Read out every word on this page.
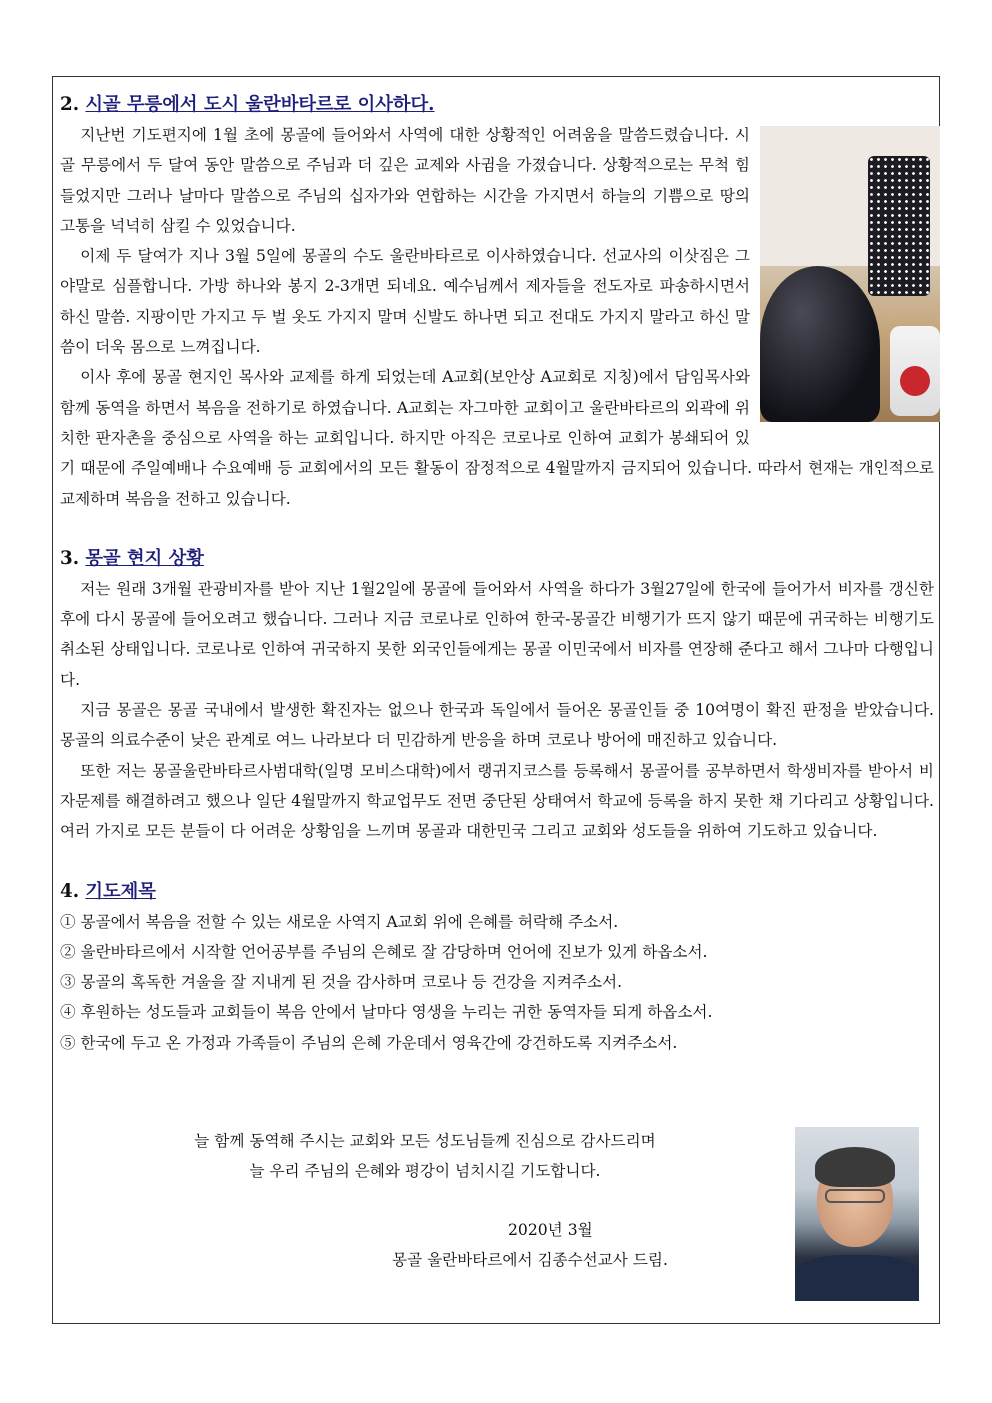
2. 시골 무릉에서 도시 울란바타르로 이사하다.

지난번 기도편지에 1월 초에 몽골에 들어와서 사역에 대한 상황적인 어려움을 말씀드렸습니다. 시골 무릉에서 두 달여 동안 말씀으로 주님과 더 깊은 교제와 사귐을 가졌습니다. 상황적으로는 무척 힘들었지만 그러나 날마다 말씀으로 주님의 십자가와 연합하는 시간을 가지면서 하늘의 기쁨으로 땅의 고통을 넉넉히 삼킬 수 있었습니다.

이제 두 달여가 지나 3월 5일에 몽골의 수도 울란바타르로 이사하였습니다. 선교사의 이삿짐은 그야말로 심플합니다. 가방 하나와 봉지 2-3개면 되네요. 예수님께서 제자들을 전도자로 파송하시면서 하신 말씀. 지팡이만 가지고 두 벌 옷도 가지지 말며 신발도 하나면 되고 전대도 가지지 말라고 하신 말씀이 더욱 몸으로 느껴집니다.

이사 후에 몽골 현지인 목사와 교제를 하게 되었는데 A교회(보안상 A교회로 지칭)에서 담임목사와 함께 동역을 하면서 복음을 전하기로 하였습니다. A교회는 자그마한 교회이고 울란바타르의 외곽에 위치한 판자촌을 중심으로 사역을 하는 교회입니다. 하지만 아직은 코로나로 인하여 교회가 봉쇄되어 있기 때문에 주일예배나 수요예배 등 교회에서의 모든 활동이 잠정적으로 4월말까지 금지되어 있습니다. 따라서 현재는 개인적으로 교제하며 복음을 전하고 있습니다.

3. 몽골 현지 상황

저는 원래 3개월 관광비자를 받아 지난 1월2일에 몽골에 들어와서 사역을 하다가 3월27일에 한국에 들어가서 비자를 갱신한 후에 다시 몽골에 들어오려고 했습니다. 그러나 지금 코로나로 인하여 한국-몽골간 비행기가 뜨지 않기 때문에 귀국하는 비행기도 취소된 상태입니다. 코로나로 인하여 귀국하지 못한 외국인들에게는 몽골 이민국에서 비자를 연장해 준다고 해서 그나마 다행입니다.

지금 몽골은 몽골 국내에서 발생한 확진자는 없으나 한국과 독일에서 들어온 몽골인들 중 10여명이 확진 판정을 받았습니다. 몽골의 의료수준이 낮은 관계로 여느 나라보다 더 민감하게 반응을 하며 코로나 방어에 매진하고 있습니다.

또한 저는 몽골울란바타르사범대학(일명 모비스대학)에서 랭귀지코스를 등록해서 몽골어를 공부하면서 학생비자를 받아서 비자문제를 해결하려고 했으나 일단 4월말까지 학교업무도 전면 중단된 상태여서 학교에 등록을 하지 못한 채 기다리고 상황입니다. 여러 가지로 모든 분들이 다 어려운 상황임을 느끼며 몽골과 대한민국 그리고 교회와 성도들을 위하여 기도하고 있습니다.

4. 기도제목
① 몽골에서 복음을 전할 수 있는 새로운 사역지 A교회 위에 은혜를 허락해 주소서.
② 울란바타르에서 시작할 언어공부를 주님의 은혜로 잘 감당하며 언어에 진보가 있게 하옵소서.
③ 몽골의 혹독한 겨울을 잘 지내게 된 것을 감사하며 코로나 등 건강을 지켜주소서.
④ 후원하는 성도들과 교회들이 복음 안에서 날마다 영생을 누리는 귀한 동역자들 되게 하옵소서.
⑤ 한국에 두고 온 가정과 가족들이 주님의 은혜 가운데서 영육간에 강건하도록 지켜주소서.
늘 함께 동역해 주시는 교회와 모든 성도님들께 진심으로 감사드리며
늘 우리 주님의 은혜와 평강이 넘치시길 기도합니다.
2020년 3월
몽골 울란바타르에서 김종수선교사 드림.
